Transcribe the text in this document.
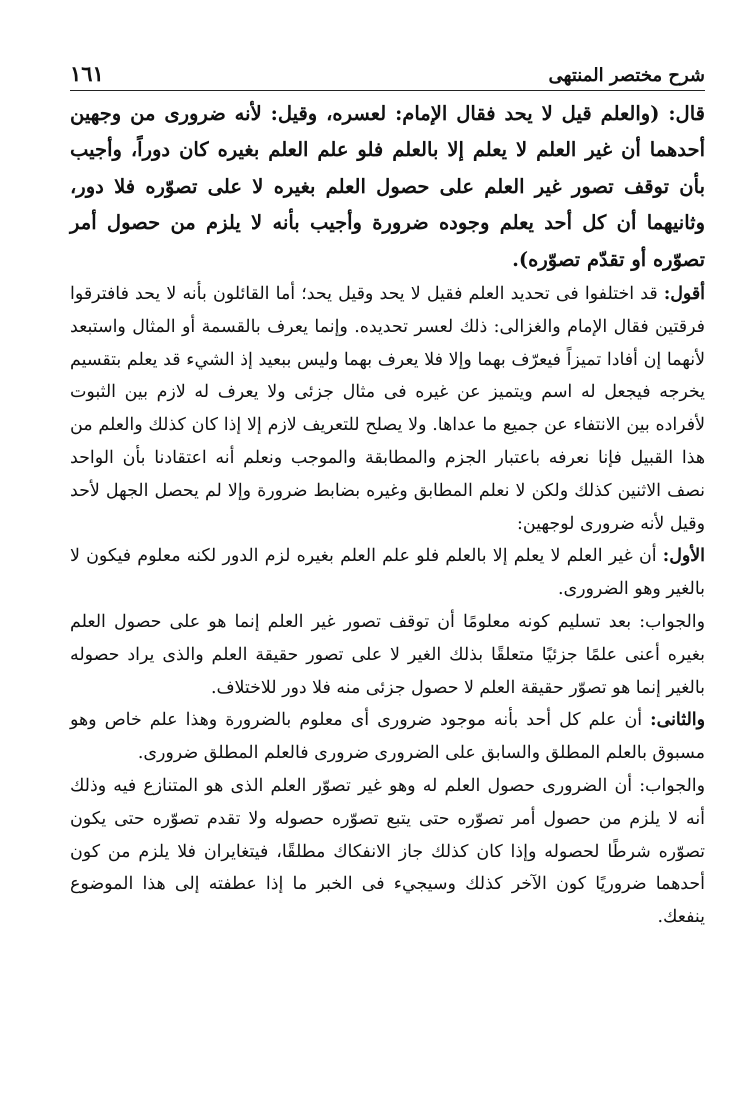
١٦١	شرح مختصر المنتهى

قال: (والعلم قيل لا يحد فقال الإمام: لعسره، وقيل: لأنه ضرورى من وجهين أحدهما أن غير العلم لا يعلم إلا بالعلم فلو علم العلم بغيره كان دوراً، وأجيب بأن توقف تصور غير العلم على حصول العلم بغيره لا على تصوّره فلا دور، وثانيهما أن كل أحد يعلم وجوده ضرورة وأجيب بأنه لا يلزم من حصول أمر تصوّره أو تقدّم تصوّره).

أقول: قد اختلفوا فى تحديد العلم فقيل لا يحد وقيل يحد؛ أما القائلون بأنه لا يحد فافترقوا فرقتين فقال الإمام والغزالى: ذلك لعسر تحديده. وإنما يعرف بالقسمة أو المثال واستبعد لأنهما إن أفادا تميزاً فيعرّف بهما وإلا فلا يعرف بهما وليس ببعيد إذ الشيء قد يعلم بتقسيم يخرجه فيجعل له اسم ويتميز عن غيره فى مثال جزئى ولا يعرف له لازم بين الثبوت لأفراده بين الانتفاء عن جميع ما عداها. ولا يصلح للتعريف لازم إلا إذا كان كذلك والعلم من هذا القبيل فإنا نعرفه باعتبار الجزم والمطابقة والموجب ونعلم أنه اعتقادنا بأن الواحد نصف الاثنين كذلك ولكن لا نعلم المطابق وغيره بضابط ضرورة وإلا لم يحصل الجهل لأحد وقيل لأنه ضرورى لوجهين:

الأول: أن غير العلم لا يعلم إلا بالعلم فلو علم العلم بغيره لزم الدور لكنه معلوم فيكون لا بالغير وهو الضرورى.

والجواب: بعد تسليم كونه معلومًا أن توقف تصور غير العلم إنما هو على حصول العلم بغيره أعنى علمًا جزئيًا متعلقًا بذلك الغير لا على تصور حقيقة العلم والذى يراد حصوله بالغير إنما هو تصوّر حقيقة العلم لا حصول جزئى منه فلا دور للاختلاف.

والثانى: أن علم كل أحد بأنه موجود ضرورى أى معلوم بالضرورة وهذا علم خاص وهو مسبوق بالعلم المطلق والسابق على الضرورى ضرورى فالعلم المطلق ضرورى.

والجواب: أن الضرورى حصول العلم له وهو غير تصوّر العلم الذى هو المتنازع فيه وذلك أنه لا يلزم من حصول أمر تصوّره حتى يتبع تصوّره حصوله ولا تقدم تصوّره حتى يكون تصوّره شرطًا لحصوله وإذا كان كذلك جاز الانفكاك مطلقًا، فيتغايران فلا يلزم من كون أحدهما ضروريًا كون الآخر كذلك وسيجيء فى الخبر ما إذا عطفته إلى هذا الموضوع ينفعك.
